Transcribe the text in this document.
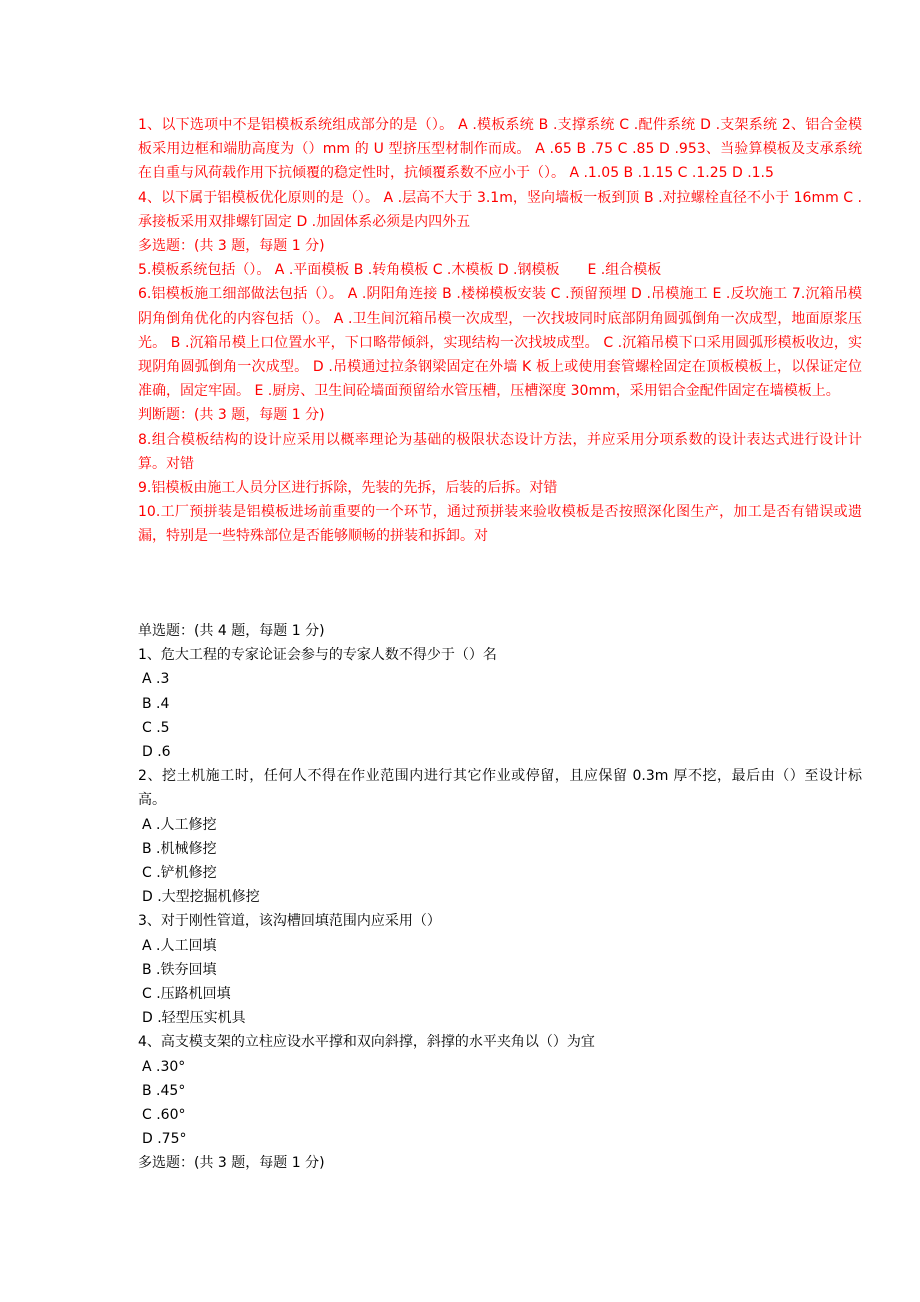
1、以下选项中不是铝模板系统组成部分的是（）。 A .模板系统 B .支撑系统 C .配件系统 D .支架系统 2、铝合金模板采用边框和端肋高度为（）mm 的 U 型挤压型材制作而成。 A .65 B .75 C .85 D .953、当验算模板及支承系统在自重与风荷载作用下抗倾覆的稳定性时，抗倾覆系数不应小于（）。 A .1.05 B .1.15 C .1.25 D .1.5

4、以下属于铝模板优化原则的是（）。 A .层高不大于 3.1m，竖向墙板一板到顶 B .对拉螺栓直径不小于 16mm C .承接板采用双排螺钉固定 D .加固体系必须是内四外五

多选题：(共 3 题，每题 1 分)

5.模板系统包括（）。 A .平面模板 B .转角模板 C .木模板 D .钢模板　　E .组合模板

6.铝模板施工细部做法包括（）。 A .阴阳角连接 B .楼梯模板安装 C .预留预埋 D .吊模施工 E .反坎施工 7.沉箱吊模阴角倒角优化的内容包括（）。 A .卫生间沉箱吊模一次成型，一次找坡同时底部阴角圆弧倒角一次成型，地面原浆压光。 B .沉箱吊模上口位置水平，下口略带倾斜，实现结构一次找坡成型。 C .沉箱吊模下口采用圆弧形模板收边，实现阴角圆弧倒角一次成型。 D .吊模通过拉条钢梁固定在外墙 K 板上或使用套管螺栓固定在顶板模板上，以保证定位准确，固定牢固。 E .厨房、卫生间砼墙面预留给水管压槽，压槽深度 30mm，采用铝合金配件固定在墙模板上。

判断题：(共 3 题，每题 1 分)

8.组合模板结构的设计应采用以概率理论为基础的极限状态设计方法，并应采用分项系数的设计表达式进行设计计算。对错

9.铝模板由施工人员分区进行拆除，先装的先拆，后装的后拆。对错

10.工厂预拼装是铝模板进场前重要的一个环节，通过预拼装来验收模板是否按照深化图生产，加工是否有错误或遗漏，特别是一些特殊部位是否能够顺畅的拼装和拆卸。对

单选题：(共 4 题，每题 1 分)

1、危大工程的专家论证会参与的专家人数不得少于（）名

A .3

B .4

C .5

D .6

2、挖土机施工时，任何人不得在作业范围内进行其它作业或停留，且应保留 0.3m 厚不挖，最后由（）至设计标高。

A .人工修挖

B .机械修挖

C .铲机修挖

D .大型挖掘机修挖

3、对于刚性管道，该沟槽回填范围内应采用（）

A .人工回填

B .铁夯回填

C .压路机回填

D .轻型压实机具

4、高支模支架的立柱应设水平撑和双向斜撑，斜撑的水平夹角以（）为宜

A .30°

B .45°

C .60°

D .75°

多选题：(共 3 题，每题 1 分)
